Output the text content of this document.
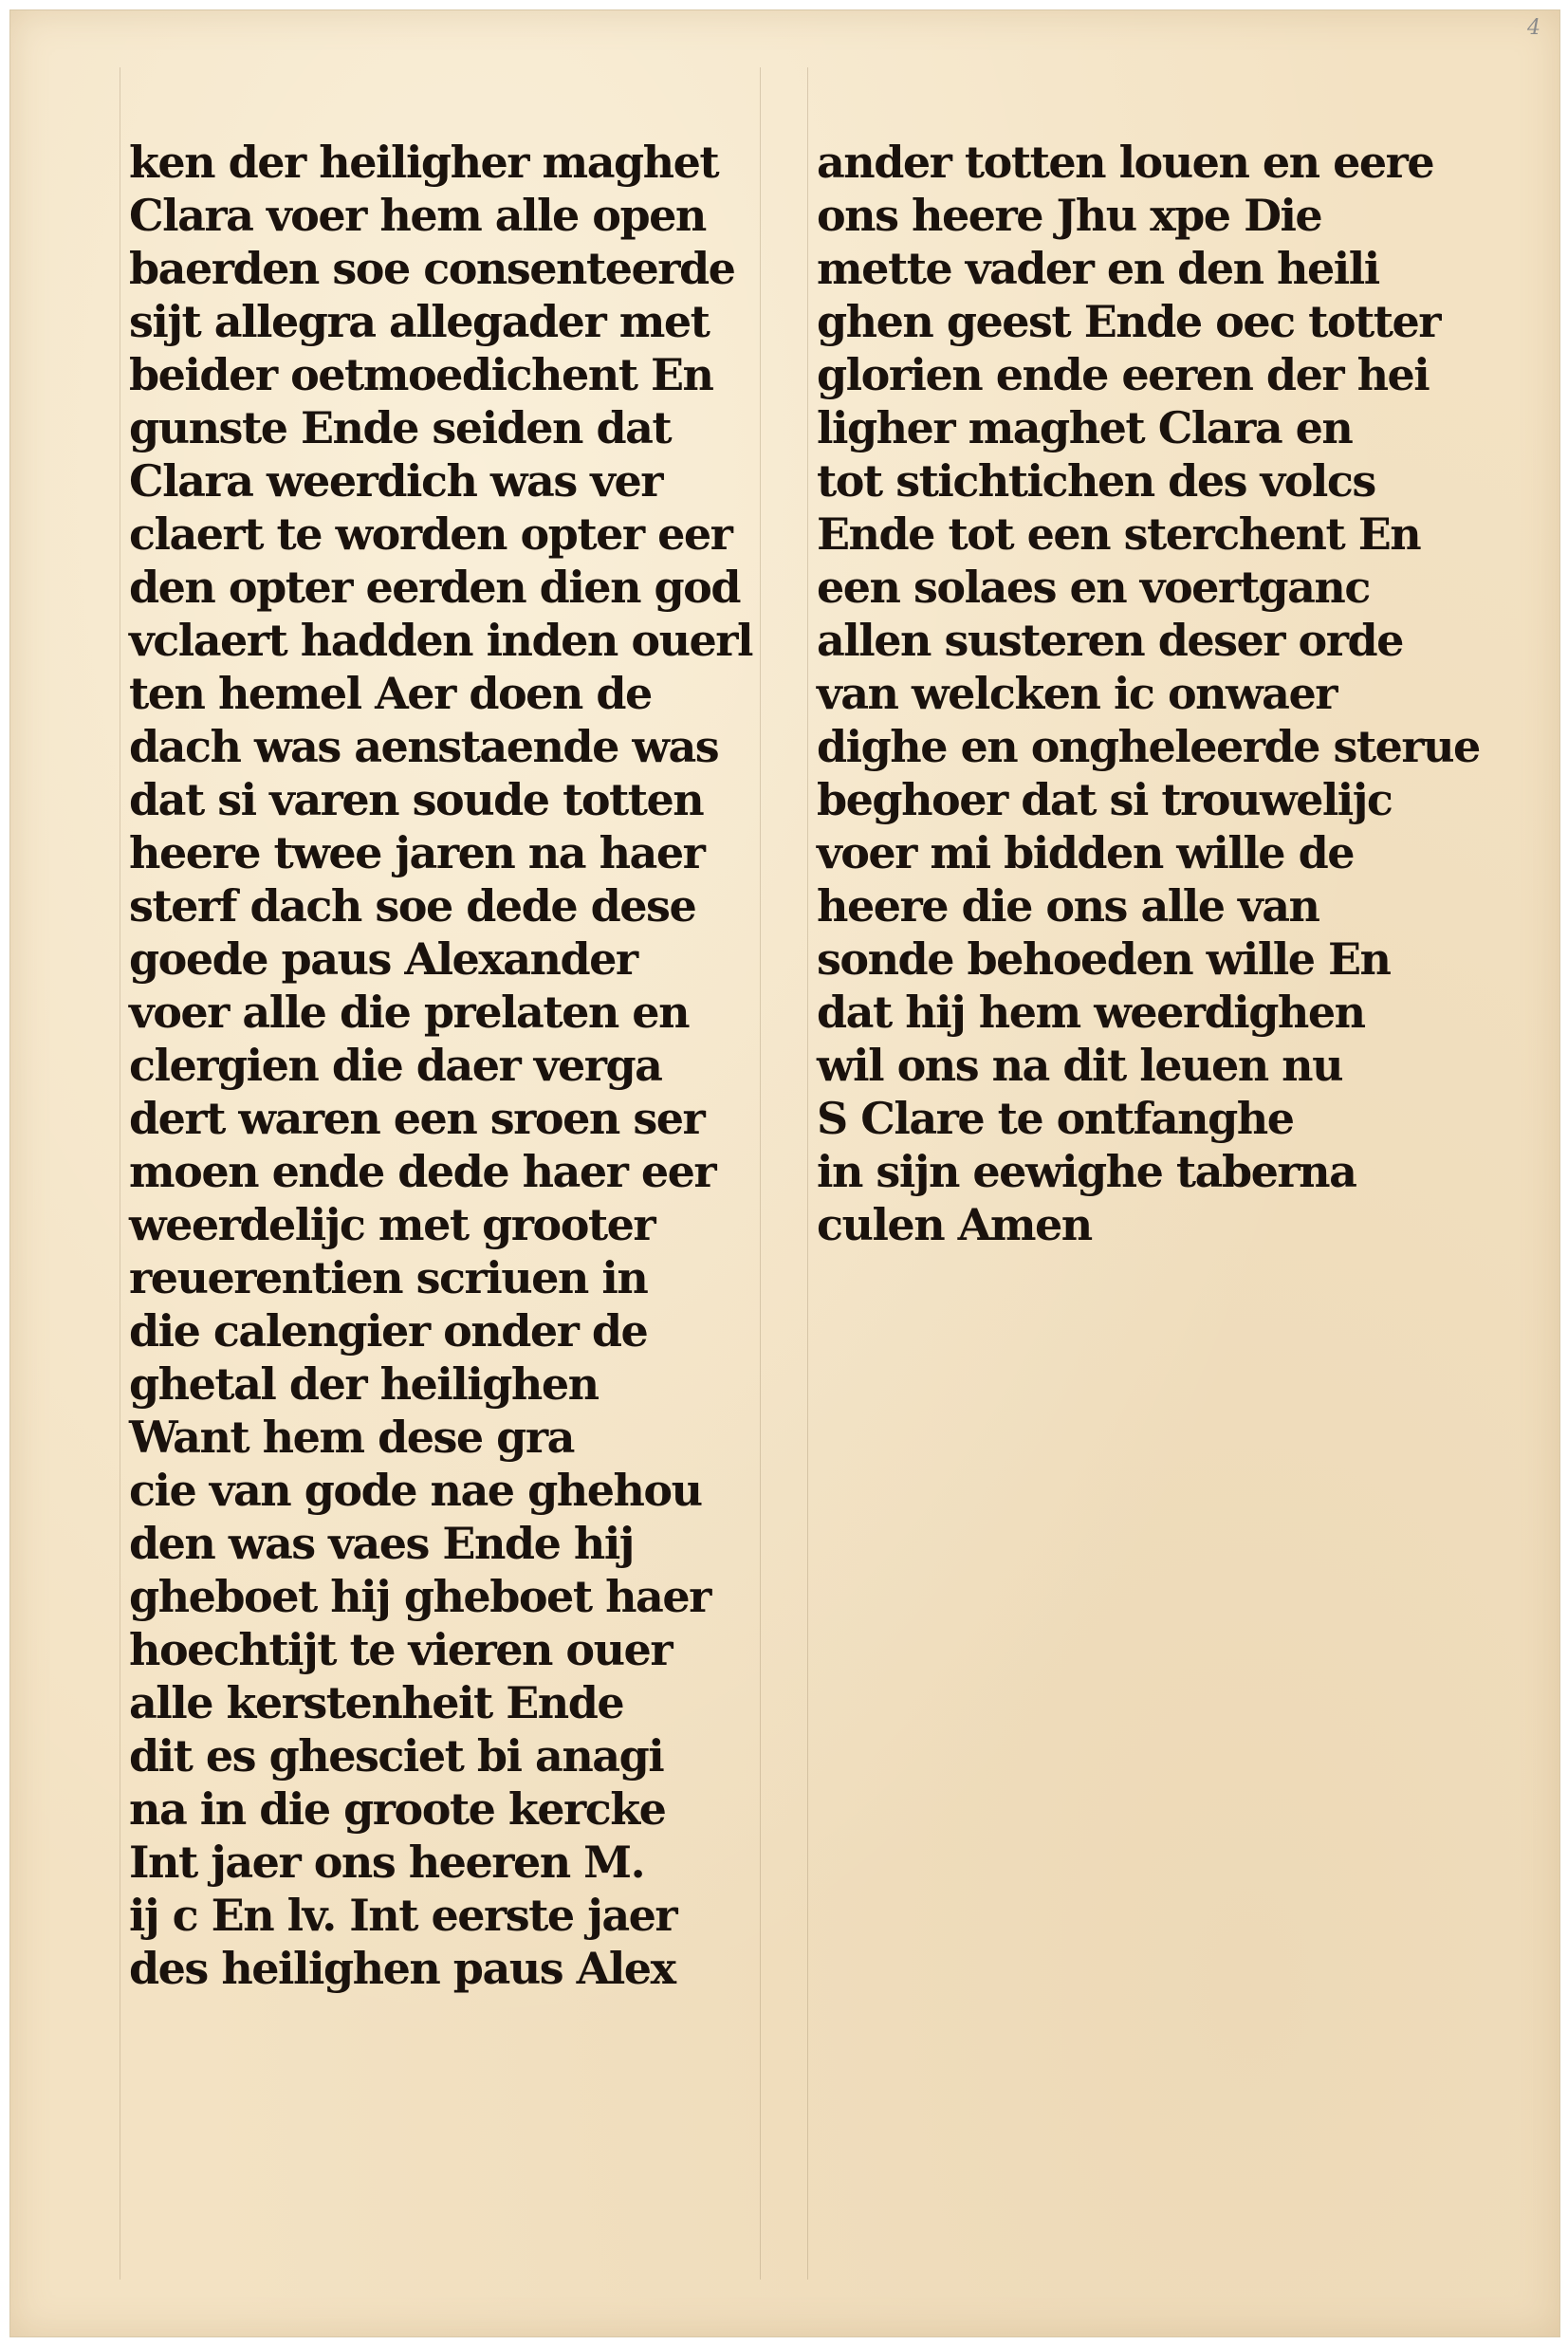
4
ken der heiligher maghet
Clara voer hem alle open
baerden soe consenteerde
sijt allegra allegader met
beider oetmoedichent En
gunste Ende seiden dat
Clara weerdich was ver
claert te worden opter eer
den opter eerden dien god
vclaert hadden inden ouerl
ten hemel Aer doen de
dach was aenstaende was
dat si varen soude totten
heere twee jaren na haer
sterf dach soe dede dese
goede paus Alexander
voer alle die prelaten en
clergien die daer verga
dert waren een sroen ser
moen ende dede haer eer
weerdelijc met grooter
reuerentien scriuen in
die calengier onder de
ghetal der heilighen
Want hem dese gra
cie van gode nae ghehou
den was vaes Ende hij
gheboet hij gheboet haer
hoechtijt te vieren ouer
alle kerstenheit Ende
dit es ghesciet bi anagi
na in die groote kercke
Int jaer ons heeren M.
ij c En lv. Int eerste jaer
des heilighen paus Alex
ander totten louen en eere
ons heere Jhu xpe Die
mette vader en den heili
ghen geest Ende oec totter
glorien ende eeren der hei
ligher maghet Clara en
tot stichtichen des volcs
Ende tot een sterchent En
een solaes en voertganc
allen susteren deser orde
van welcken ic onwaer
dighe en ongheleerde sterue
beghoer dat si trouwelijc
voer mi bidden wille de
heere die ons alle van
sonde behoeden wille En
dat hij hem weerdighen
wil ons na dit leuen nu
S Clare te ontfanghe
in sijn eewighe taberna
culen Amen
